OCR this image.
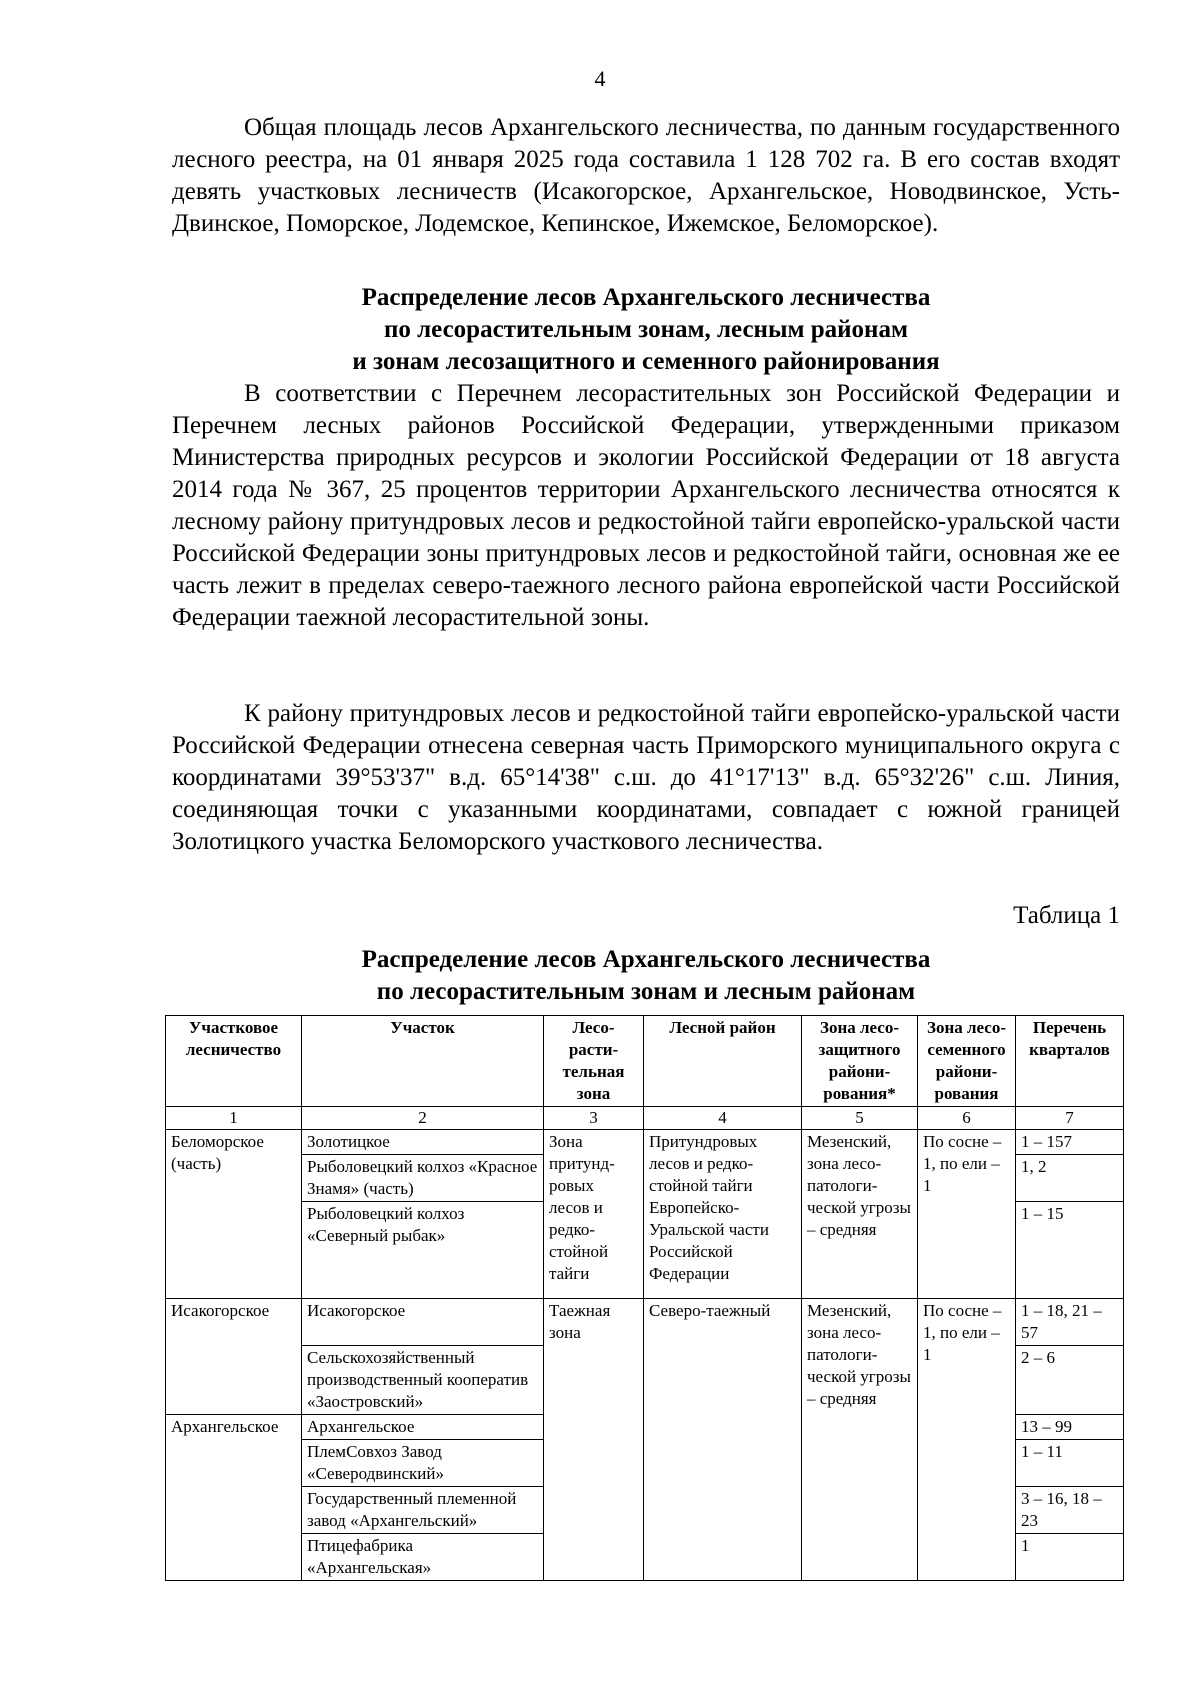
4

Общая площадь лесов Архангельского лесничества, по данным государственного лесного реестра, на 01 января 2025 года составила 1 128 702 га. В его состав входят девять участковых лесничеств (Исакогорское, Архангельское, Новодвинское, Усть-Двинское, Поморское, Лодемское, Кепинское, Ижемское, Беломорское).

Распределение лесов Архангельского лесничества
по лесорастительным зонам, лесным районам
и зонам лесозащитного и семенного районирования

В соответствии с Перечнем лесорастительных зон Российской Федерации и Перечнем лесных районов Российской Федерации, утвержденными приказом Министерства природных ресурсов и экологии Российской Федерации от 18 августа 2014 года № 367, 25 процентов территории Архангельского лесничества относятся к лесному району притундровых лесов и редкостойной тайги европейско-уральской части Российской Федерации зоны притундровых лесов и редкостойной тайги, основная же ее часть лежит в пределах северо-таежного лесного района европейской части Российской Федерации таежной лесорастительной зоны.

К району притундровых лесов и редкостойной тайги европейско-уральской части Российской Федерации отнесена северная часть Приморского муниципального округа с координатами 39°53'37" в.д. 65°14'38" с.ш. до 41°17'13" в.д. 65°32'26" с.ш. Линия, соединяющая точки с указанными координатами, совпадает с южной границей Золотицкого участка Беломорского участкового лесничества.

Таблица 1
Распределение лесов Архангельского лесничества
по лесорастительным зонам и лесным районам
Участковое лесничество	Участок	Лесо-расти-тельная зона	Лесной район	Зона лесо-защитного райони-рования*	Зона лесо-семенного райони-рования	Перечень кварталов
1	2	3	4	5	6	7
Беломорское (часть)	Золотицкое	Зона притунд-ровых лесов и редко-стойной тайги	Притундровых лесов и редко-стойной тайги Европейско-Уральской части Российской Федерации	Мезенский, зона лесо-патологи-ческой угрозы – средняя	По сосне – 1, по ели – 1	1 – 157
	Рыболовецкий колхоз «Красное Знамя» (часть)					1, 2
	Рыболовецкий колхоз «Северный рыбак»					1 – 15
Исакогорское	Исакогорское	Таежная зона	Северо-таежный	Мезенский, зона лесо-патологи-ческой угрозы – средняя	По сосне – 1, по ели – 1	1 – 18, 21 – 57
	Сельскохозяйственный производственный кооператив «Заостровский»					2 – 6
Архангельское	Архангельское					13 – 99
	ПлемСовхоз Завод «Северодвинский»					1 – 11
	Государственный племенной завод «Архангельский»					3 – 16, 18 – 23
	Птицефабрика «Архангельская»					1
